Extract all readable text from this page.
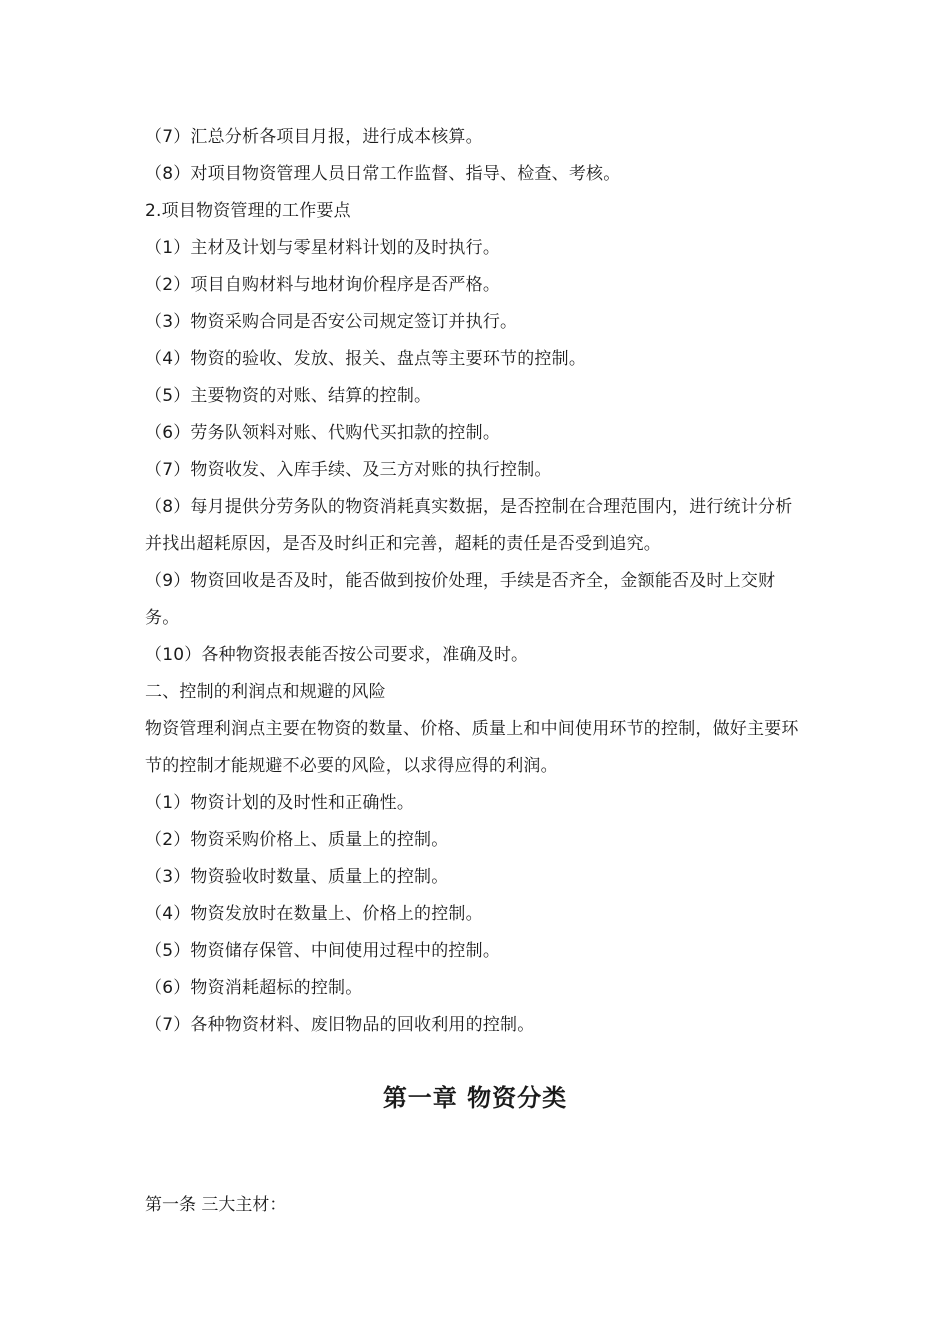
（7）汇总分析各项目月报，进行成本核算。
（8）对项目物资管理人员日常工作监督、指导、检查、考核。
2.项目物资管理的工作要点
（1）主材及计划与零星材料计划的及时执行。
（2）项目自购材料与地材询价程序是否严格。
（3）物资采购合同是否安公司规定签订并执行。
（4）物资的验收、发放、报关、盘点等主要环节的控制。
（5）主要物资的对账、结算的控制。
（6）劳务队领料对账、代购代买扣款的控制。
（7）物资收发、入库手续、及三方对账的执行控制。
（8）每月提供分劳务队的物资消耗真实数据，是否控制在合理范围内，进行统计分析并找出超耗原因，是否及时纠正和完善，超耗的责任是否受到追究。
（9）物资回收是否及时，能否做到按价处理，手续是否齐全，金额能否及时上交财务。
（10）各种物资报表能否按公司要求，准确及时。
二、控制的利润点和规避的风险
物资管理利润点主要在物资的数量、价格、质量上和中间使用环节的控制，做好主要环节的控制才能规避不必要的风险，以求得应得的利润。
（1）物资计划的及时性和正确性。
（2）物资采购价格上、质量上的控制。
（3）物资验收时数量、质量上的控制。
（4）物资发放时在数量上、价格上的控制。
（5）物资储存保管、中间使用过程中的控制。
（6）物资消耗超标的控制。
（7）各种物资材料、废旧物品的回收利用的控制。
第一章 物资分类
第一条 三大主材：
